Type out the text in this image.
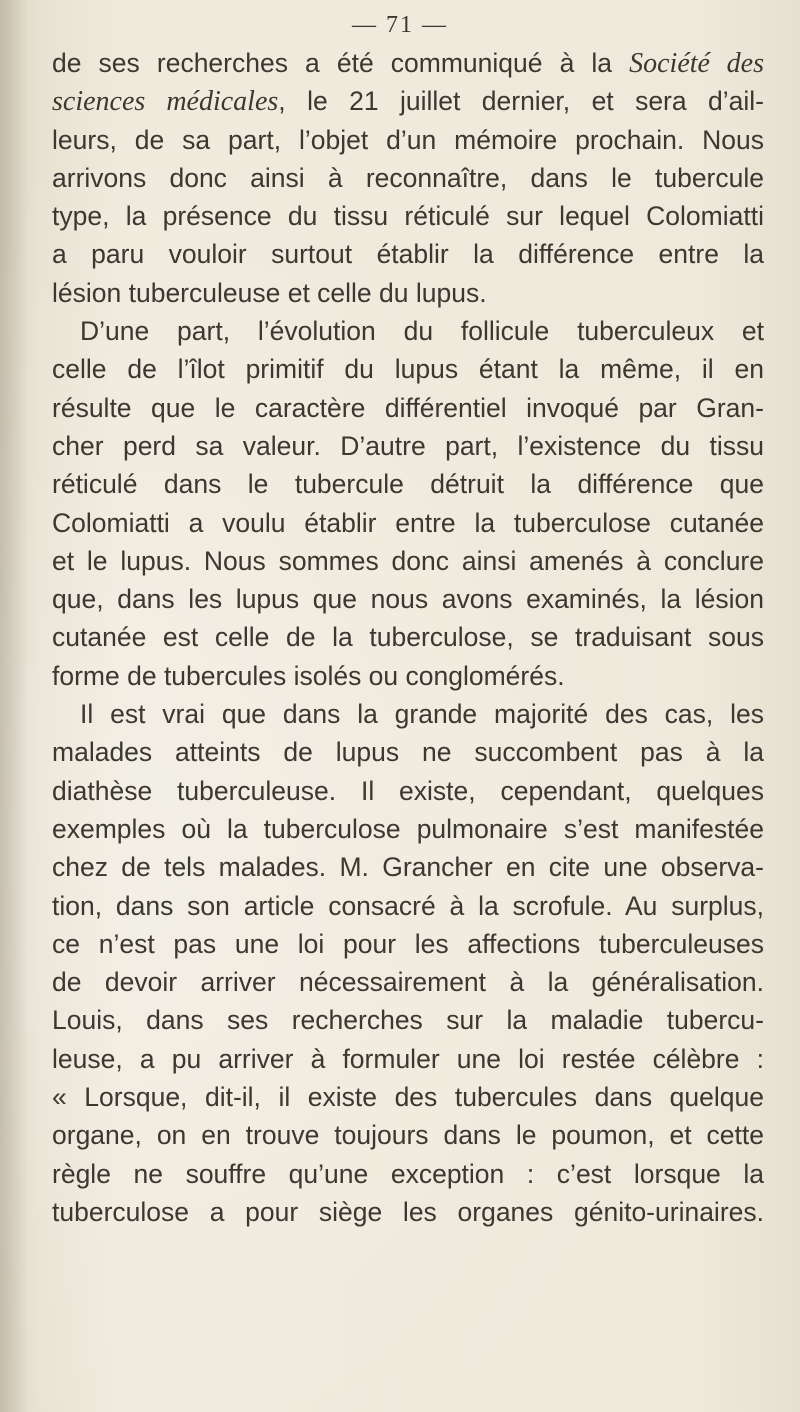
— 71 —
de ses recherches a été communiqué à la Société des
sciences médicales, le 21 juillet dernier, et sera d’ail-
leurs, de sa part, l’objet d’un mémoire prochain. Nous
arrivons donc ainsi à reconnaître, dans le tubercule
type, la présence du tissu réticulé sur lequel Colomiatti
a paru vouloir surtout établir la différence entre la
lésion tuberculeuse et celle du lupus.
D’une part, l’évolution du follicule tuberculeux et
celle de l’îlot primitif du lupus étant la même, il en
résulte que le caractère différentiel invoqué par Gran-
cher perd sa valeur. D’autre part, l’existence du tissu
réticulé dans le tubercule détruit la différence que
Colomiatti a voulu établir entre la tuberculose cutanée
et le lupus. Nous sommes donc ainsi amenés à conclure
que, dans les lupus que nous avons examinés, la lésion
cutanée est celle de la tuberculose, se traduisant sous
forme de tubercules isolés ou conglomérés.
Il est vrai que dans la grande majorité des cas, les
malades atteints de lupus ne succombent pas à la
diathèse tuberculeuse. Il existe, cependant, quelques
exemples où la tuberculose pulmonaire s’est manifestée
chez de tels malades. M. Grancher en cite une observa-
tion, dans son article consacré à la scrofule. Au surplus,
ce n’est pas une loi pour les affections tuberculeuses
de devoir arriver nécessairement à la généralisation.
Louis, dans ses recherches sur la maladie tubercu-
leuse, a pu arriver à formuler une loi restée célèbre :
« Lorsque, dit-il, il existe des tubercules dans quelque
organe, on en trouve toujours dans le poumon, et cette
règle ne souffre qu’une exception : c’est lorsque la
tuberculose a pour siège les organes génito-urinaires.
